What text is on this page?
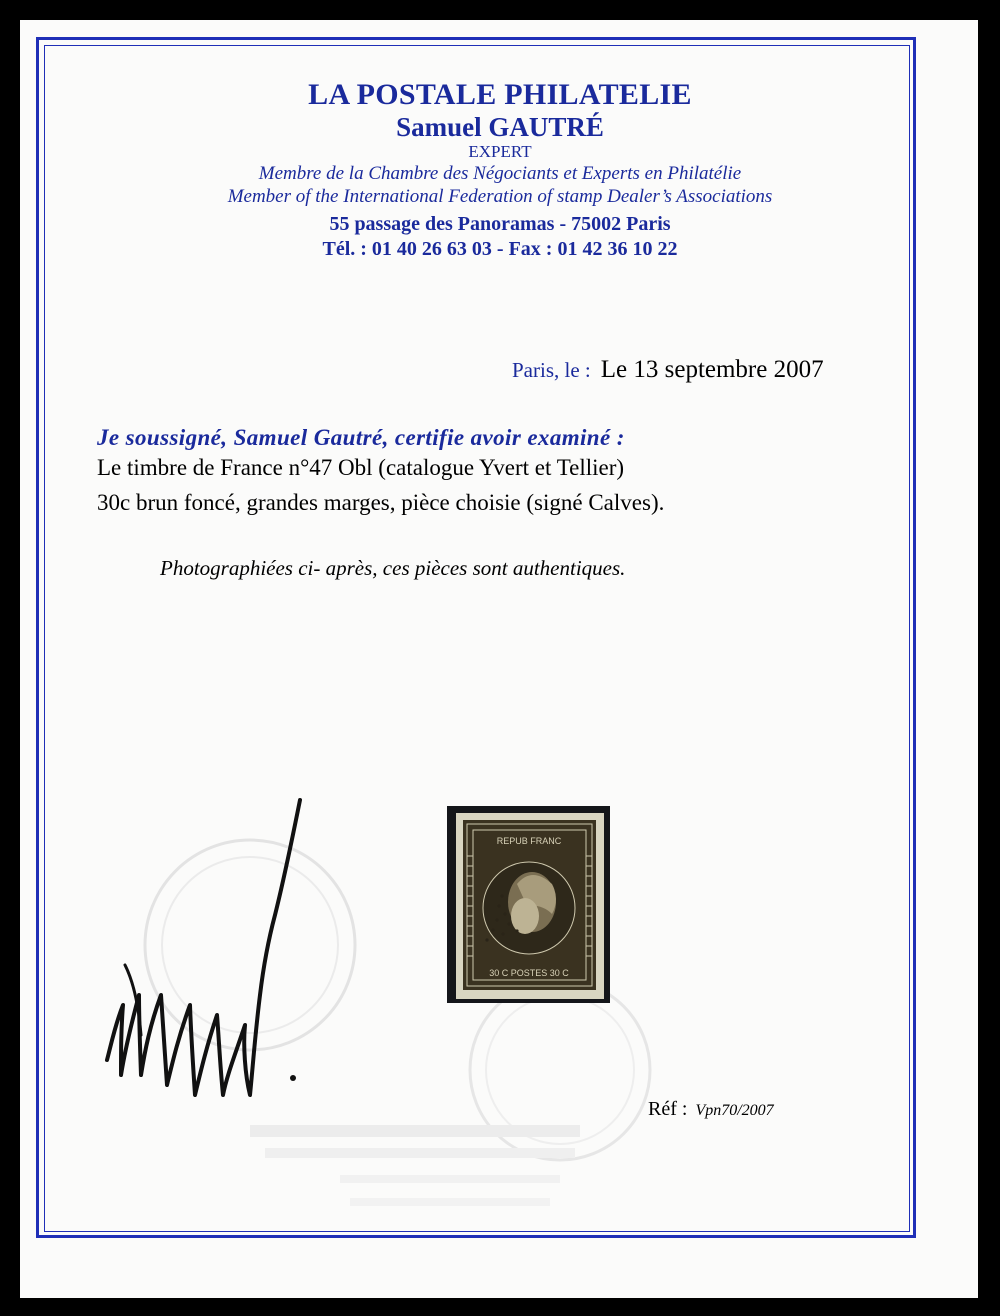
LA POSTALE PHILATELIE
Samuel GAUTRÉ
EXPERT
Membre de la Chambre des Négociants et Experts en Philatélie
Member of the International Federation of stamp Dealer’s Associations
55 passage des Panoramas - 75002 Paris
Tél. : 01 40 26 63 03 - Fax : 01 42 36 10 22
Paris, le : Le 13 septembre 2007
Je soussigné, Samuel Gautré, certifie avoir examiné :
Le timbre de France n°47 Obl (catalogue Yvert et Tellier)
30c brun foncé, grandes marges, pièce choisie (signé Calves).
Photographiées ci- après, ces pièces sont authentiques.
REPUB FRANC
30 C POSTES 30 C
Réf : Vpn70/2007
